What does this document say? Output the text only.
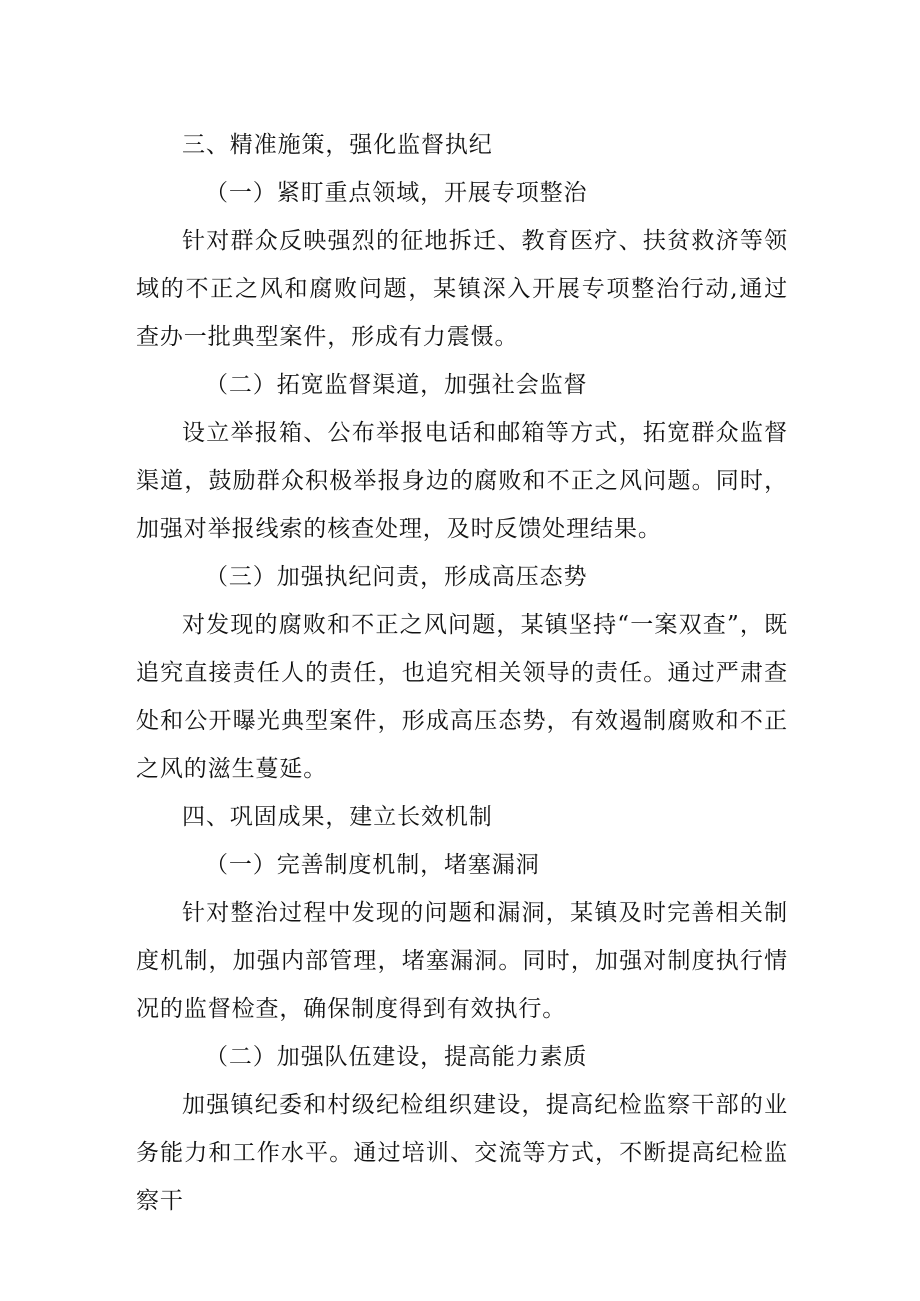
三、精准施策，强化监督执纪

（一）紧盯重点领域，开展专项整治

针对群众反映强烈的征地拆迁、教育医疗、扶贫救济等领域的不正之风和腐败问题，某镇深入开展专项整治行动,通过查办一批典型案件，形成有力震慑。

（二）拓宽监督渠道，加强社会监督

设立举报箱、公布举报电话和邮箱等方式，拓宽群众监督渠道，鼓励群众积极举报身边的腐败和不正之风问题。同时，加强对举报线索的核查处理，及时反馈处理结果。

（三）加强执纪问责，形成高压态势

对发现的腐败和不正之风问题，某镇坚持“一案双查”，既追究直接责任人的责任，也追究相关领导的责任。通过严肃查处和公开曝光典型案件，形成高压态势，有效遏制腐败和不正之风的滋生蔓延。

四、巩固成果，建立长效机制

（一）完善制度机制，堵塞漏洞

针对整治过程中发现的问题和漏洞，某镇及时完善相关制度机制，加强内部管理，堵塞漏洞。同时，加强对制度执行情况的监督检查，确保制度得到有效执行。

（二）加强队伍建设，提高能力素质

加强镇纪委和村级纪检组织建设，提高纪检监察干部的业务能力和工作水平。通过培训、交流等方式，不断提高纪检监察干
